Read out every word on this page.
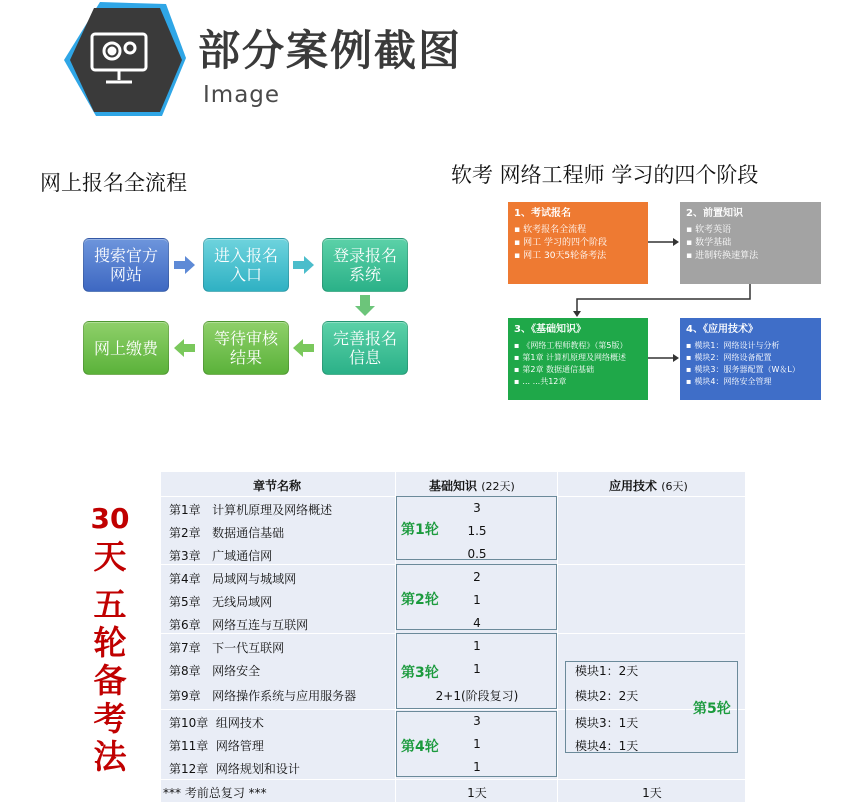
部分案例截图
Image
网上报名全流程	软考 网络工程师 学习的四个阶段
搜索官方
网站
进入报名
入口
登录报名
系统
完善报名
信息
等待审核
结果
网上缴费
1、考试报名
▪ 软考报名全流程
▪ 网工 学习的四个阶段
▪ 网工 30天5轮备考法
2、前置知识
▪ 软考英语
▪ 数学基础
▪ 进制转换速算法
3、《基础知识》
▪ 《网络工程师教程》（第5版）
▪ 第1章 计算机原理及网络概述
▪ 第2章 数据通信基础
▪ ... ...共12章
4、《应用技术》
▪ 模块1：网络设计与分析
▪ 模块2：网络设备配置
▪ 模块3：服务器配置（W＆L）
▪ 模块4：网络安全管理
30
天
五
轮
备
考
法
章节名称	基础知识 (22天)	应用技术 (6天)
第1章   计算机原理及网络概述	3
第2章   数据通信基础	1.5
第3章   广域通信网	0.5
第4章   局域网与城域网	2
第5章   无线局域网	1
第6章   网络互连与互联网	4
第7章   下一代互联网	1
第8章   网络安全	1
第9章   网络操作系统与应用服务器	2+1(阶段复习)
第10章  组网技术	3
第11章  网络管理	1
第12章  网络规划和设计	1
*** 考前总复习 ***	1天	1天
第1轮
第2轮
第3轮
第4轮
模块1：2天
模块2：2天
模块3：1天
模块4：1天
第5轮
